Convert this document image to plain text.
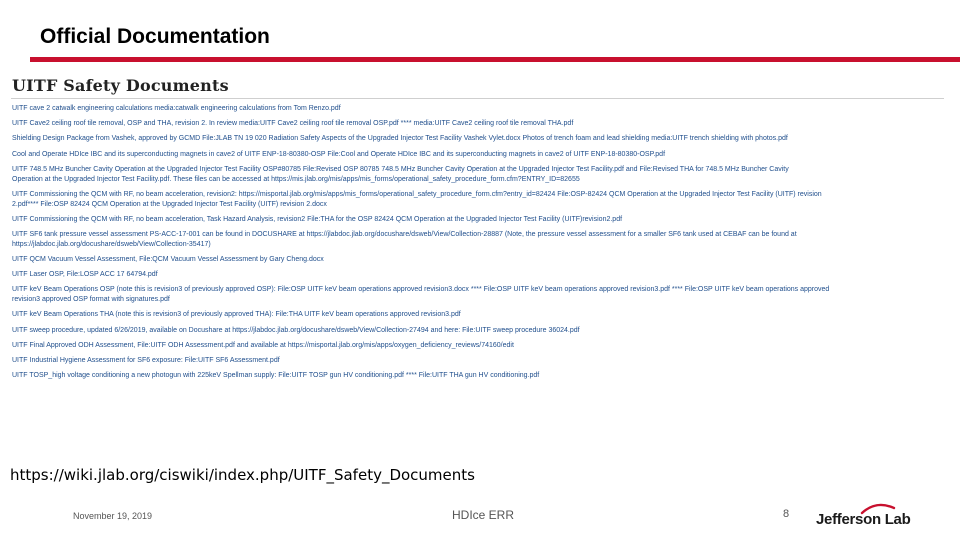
Official Documentation
UITF Safety Documents
UITF cave 2 catwalk engineering calculations media:catwalk engineering calculations from Tom Renzo.pdf
UITF Cave2 ceiling roof tile removal, OSP and THA, revision 2. In review media:UITF Cave2 ceiling roof tile removal OSP.pdf **** media:UITF Cave2 ceiling roof tile removal THA.pdf
Shielding Design Package from Vashek, approved by GCMD File:JLAB TN 19 020 Radiation Safety Aspects of the Upgraded Injector Test Facility Vashek Vylet.docx Photos of trench foam and lead shielding media:UITF trench shielding with photos.pdf
Cool and Operate HDIce IBC and its superconducting magnets in cave2 of UITF ENP-18-80380-OSP File:Cool and Operate HDIce IBC and its superconducting magnets in cave2 of UITF ENP-18-80380-OSP.pdf
UITF 748.5 MHz Buncher Cavity Operation at the Upgraded Injector Test Facility OSP#80785 File:Revised OSP 80785 748.5 MHz Buncher Cavity Operation at the Upgraded Injector Test Facility.pdf and File:Revised THA for 748.5 MHz Buncher Cavity
Operation at the Upgraded Injector Test Facility.pdf. These files can be accessed at https://mis.jlab.org/mis/apps/mis_forms/operational_safety_procedure_form.cfm?ENTRY_ID=82655
UITF Commissioning the QCM with RF, no beam acceleration, revision2: https://misportal.jlab.org/mis/apps/mis_forms/operational_safety_procedure_form.cfm?entry_id=82424 File:OSP-82424 QCM Operation at the Upgraded Injector Test Facility (UITF) revision
2.pdf**** File:OSP 82424 QCM Operation at the Upgraded Injector Test Facility (UITF) revision 2.docx
UITF Commissioning the QCM with RF, no beam acceleration, Task Hazard Analysis, revision2 File:THA for the OSP 82424 QCM Operation at the Upgraded Injector Test Facility (UITF)revision2.pdf
UITF SF6 tank pressure vessel assessment PS-ACC-17-001 can be found in DOCUSHARE at https://jlabdoc.jlab.org/docushare/dsweb/View/Collection-28887 (Note, the pressure vessel assessment for a smaller SF6 tank used at CEBAF can be found at
https://jlabdoc.jlab.org/docushare/dsweb/View/Collection-35417)
UITF QCM Vacuum Vessel Assessment, File:QCM Vacuum Vessel Assessment by Gary Cheng.docx
UITF Laser OSP, File:LOSP ACC 17 64794.pdf
UITF keV Beam Operations OSP (note this is revision3 of previously approved OSP): File:OSP UITF keV beam operations approved revision3.docx **** File:OSP UITF keV beam operations approved revision3.pdf **** File:OSP UITF keV beam operations approved
revision3 approved OSP format with signatures.pdf
UITF keV Beam Operations THA (note this is revision3 of previously approved THA): File:THA UITF keV beam operations approved revision3.pdf
UITF sweep procedure, updated 6/26/2019, available on Docushare at https://jlabdoc.jlab.org/docushare/dsweb/View/Collection-27494 and here: File:UITF sweep procedure 36024.pdf
UITF Final Approved ODH Assessment, File:UITF ODH Assessment.pdf and available at https://misportal.jlab.org/mis/apps/oxygen_deficiency_reviews/74160/edit
UITF Industrial Hygiene Assessment for SF6 exposure: File:UITF SF6 Assessment.pdf
UITF TOSP_high voltage conditioning a new photogun with 225keV Spellman supply: File:UITF TOSP gun HV conditioning.pdf **** File:UITF THA gun HV conditioning.pdf
https://wiki.jlab.org/ciswiki/index.php/UITF_Safety_Documents
November 19, 2019	HDIce ERR	8 Jefferson Lab
